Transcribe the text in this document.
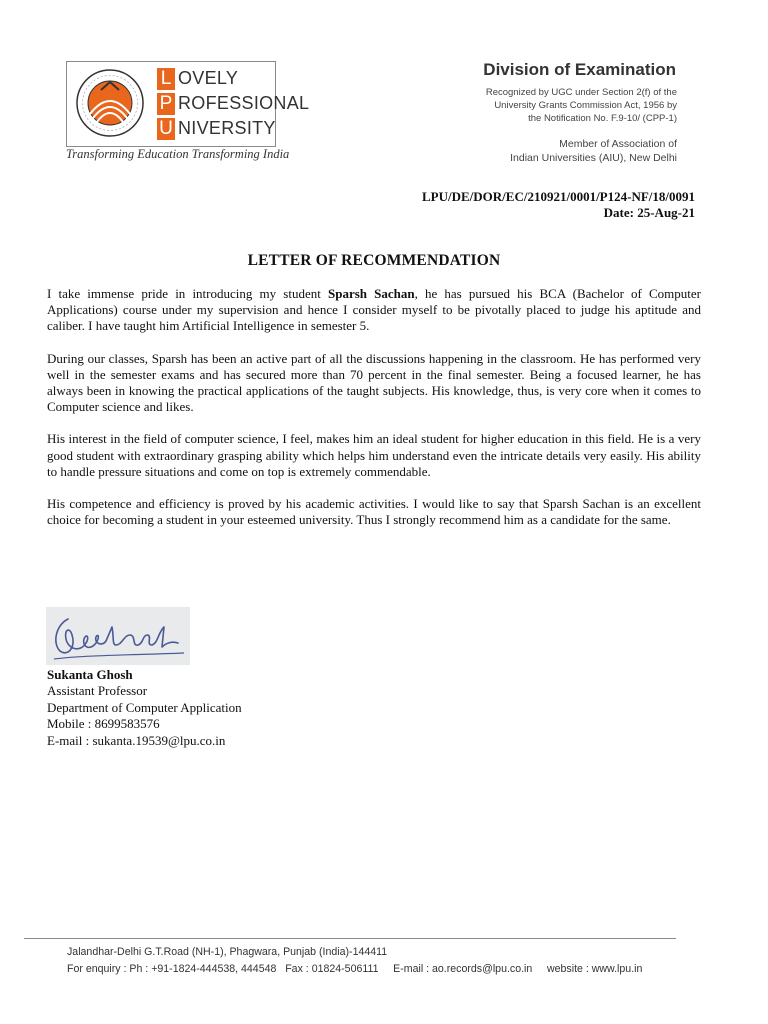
L OVELY
P ROFESSIONAL
U NIVERSITY
Transforming Education Transforming India
Division of Examination
Recognized by UGC under Section 2(f) of the
University Grants Commission Act, 1956 by
the Notification No. F.9-10/ (CPP-1)
Member of Association of
Indian Universities (AIU), New Delhi
LPU/DE/DOR/EC/210921/0001/P124-NF/18/0091
Date: 25-Aug-21
LETTER OF RECOMMENDATION

I take immense pride in introducing my student Sparsh Sachan, he has pursued his BCA (Bachelor of Computer Applications) course under my supervision and hence I consider myself to be pivotally placed to judge his aptitude and caliber. I have taught him Artificial Intelligence in semester 5.

During our classes, Sparsh has been an active part of all the discussions happening in the classroom. He has performed very well in the semester exams and has secured more than 70 percent in the final semester. Being a focused learner, he has always been in knowing the practical applications of the taught subjects. His knowledge, thus, is very core when it comes to Computer science and likes.

His interest in the field of computer science, I feel, makes him an ideal student for higher education in this field. He is a very good student with extraordinary grasping ability which helps him understand even the intricate details very easily. His ability to handle pressure situations and come on top is extremely commendable.

His competence and efficiency is proved by his academic activities. I would like to say that Sparsh Sachan is an excellent choice for becoming a student in your esteemed university. Thus I strongly recommend him as a candidate for the same.

Sukanta Ghosh
Assistant Professor
Department of Computer Application
Mobile : 8699583576
E-mail : sukanta.19539@lpu.co.in
Jalandhar-Delhi G.T.Road (NH-1), Phagwara, Punjab (India)-144411
For enquiry : Ph : +91-1824-444538, 444548   Fax : 01824-506111     E-mail : ao.records@lpu.co.in     website : www.lpu.in
